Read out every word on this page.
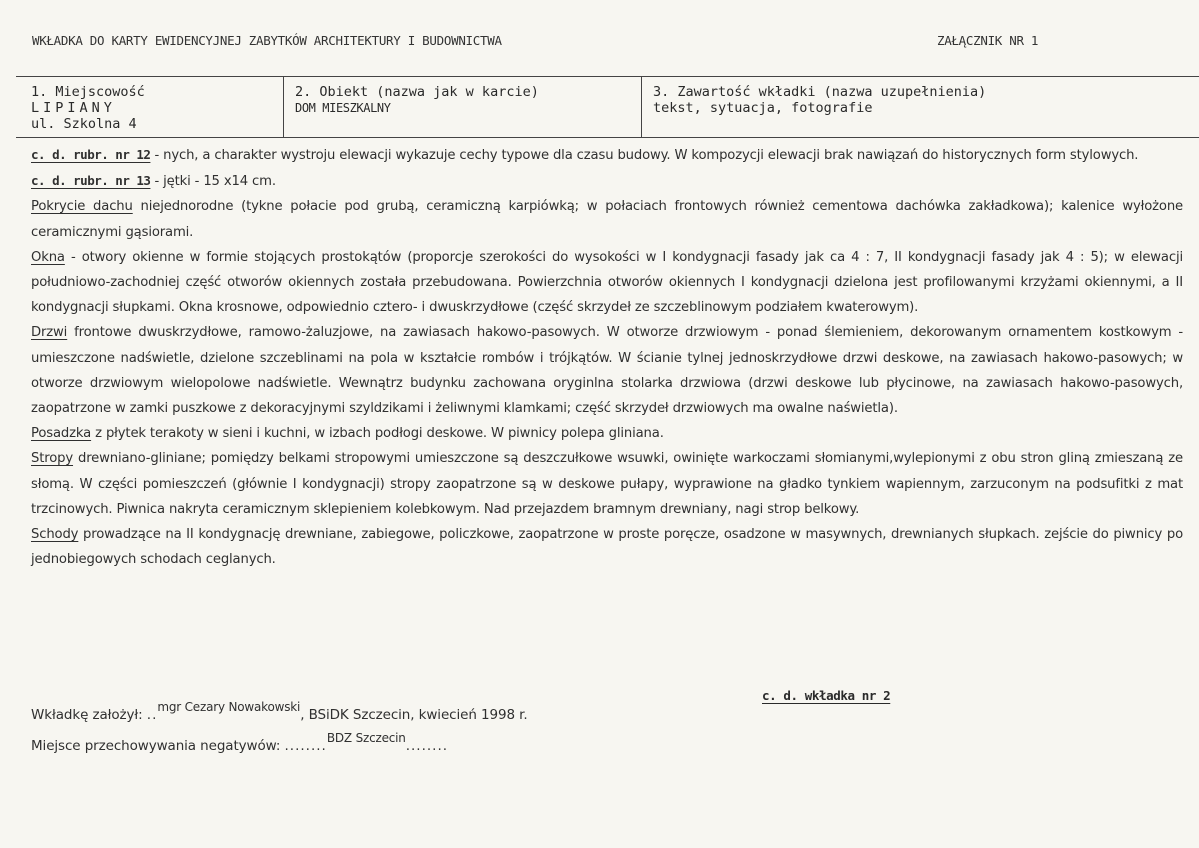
WKŁADKA DO KARTY EWIDENCYJNEJ ZABYTKÓW ARCHITEKTURY I BUDOWNICTWA	ZAŁĄCZNIK NR 1
1. Miejscowość
LIPIANY
ul. Szkolna 4
2. Obiekt (nazwa jak w karcie)
DOM MIESZKALNY
3. Zawartość wkładki (nazwa uzupełnienia)
tekst, sytuacja, fotografie

c. d. rubr. nr 12 - nych, a charakter wystroju elewacji wykazuje cechy typowe dla czasu budowy. W kompozycji elewacji brak nawiązań do historycznych form stylowych.

c. d. rubr. nr 13 - jętki - 15 x14 cm.

Pokrycie dachu niejednorodne (tykne połacie pod grubą, ceramiczną karpiówką; w połaciach frontowych również cementowa dachówka zakładkowa); kalenice wyłożone ceramicznymi gąsiorami.

Okna - otwory okienne w formie stojących prostokątów (proporcje szerokości do wysokości w I kondygnacji fasady jak ca 4 : 7, II kondygnacji fasady jak 4 : 5); w elewacji południowo-zachodniej część otworów okiennych została przebudowana. Powierzchnia otworów okiennych I kondygnacji dzielona jest profilowanymi krzyżami okiennymi, a II kondygnacji słupkami. Okna krosnowe, odpowiednio cztero- i dwuskrzydłowe (część skrzydeł ze szczeblinowym podziałem kwaterowym).

Drzwi frontowe dwuskrzydłowe, ramowo-żaluzjowe, na zawiasach hakowo-pasowych. W otworze drzwiowym - ponad ślemieniem, dekorowanym ornamentem kostkowym - umieszczone nadświetle, dzielone szczeblinami na pola w kształcie rombów i trójkątów. W ścianie tylnej jednoskrzydłowe drzwi deskowe, na zawiasach hakowo-pasowych; w otworze drzwiowym wielopolowe nadświetle. Wewnątrz budynku zachowana oryginlna stolarka drzwiowa (drzwi deskowe lub płycinowe, na zawiasach hakowo-pasowych, zaopatrzone w zamki puszkowe z dekoracyjnymi szyldzikami i żeliwnymi klamkami; część skrzydeł drzwiowych ma owalne naświetla).

Posadzka z płytek terakoty w sieni i kuchni, w izbach podłogi deskowe. W piwnicy polepa gliniana.

Stropy drewniano-gliniane; pomiędzy belkami stropowymi umieszczone są deszczułkowe wsuwki, owinięte warkoczami słomianymi,wylepionymi z obu stron gliną zmieszaną ze słomą. W części pomieszczeń (głównie I kondygnacji) stropy zaopatrzone są w deskowe pułapy, wyprawione na gładko tynkiem wapiennym, zarzuconym na podsufitki z mat trzcinowych. Piwnica nakryta ceramicznym sklepieniem kolebkowym. Nad przejazdem bramnym drewniany, nagi strop belkowy.

Schody prowadzące na II kondygnację drewniane, zabiegowe, policzkowe, zaopatrzone w proste poręcze, osadzone w masywnych, drewnianych słupkach. zejście do piwnicy po jednobiegowych schodach ceglanych.

c. d. wkładka nr 2
Wkładkę założył: ..mgr Cezary Nowakowski, BSiDK Szczecin, kwiecień 1998 r.
Miejsce przechowywania negatywów: ........BDZ Szczecin........
